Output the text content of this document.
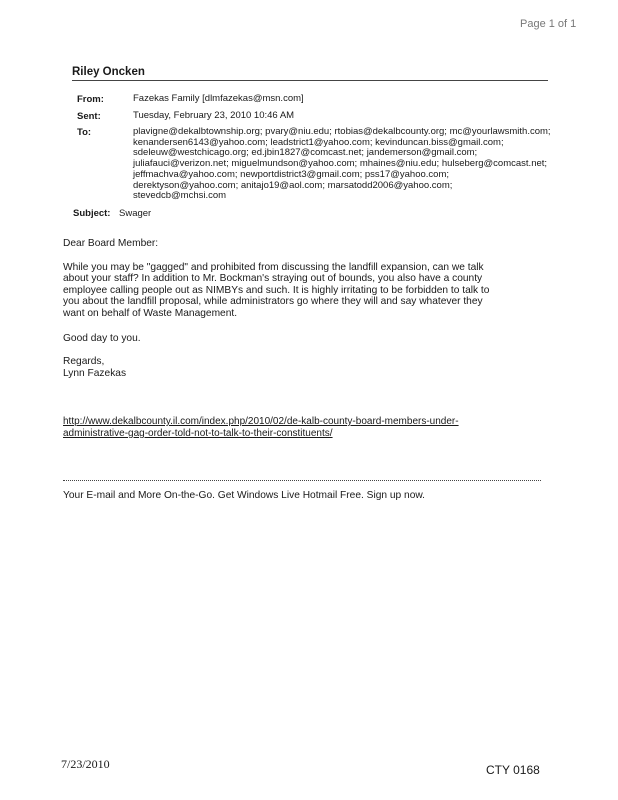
Page 1 of 1
Riley Oncken
From:	Fazekas Family [dlmfazekas@msn.com]
Sent:	Tuesday, February 23, 2010 10:46 AM
To:	plavigne@dekalbtownship.org; pvary@niu.edu; rtobias@dekalbcounty.org; mc@yourlawsmith.com;
kenandersen6143@yahoo.com; leadstrict1@yahoo.com; kevinduncan.biss@gmail.com;
sdeleuw@westchicago.org; ed.jbin1827@comcast.net; jandemerson@gmail.com;
juliafauci@verizon.net; miguelmundson@yahoo.com; mhaines@niu.edu; hulseberg@comcast.net;
jeffmachva@yahoo.com; newportdistrict3@gmail.com; pss17@yahoo.com;
derektyson@yahoo.com; anitajo19@aol.com; marsatodd2006@yahoo.com;
stevedcb@mchsi.com
Subject: Swager
Dear Board Member:
While you may be "gagged" and prohibited from discussing the landfill expansion, can we talk
about your staff? In addition to Mr. Bockman's straying out of bounds, you also have a county
employee calling people out as NIMBYs and such. It is highly irritating to be forbidden to talk to
you about the landfill proposal, while administrators go where they will and say whatever they
want on behalf of Waste Management.
Good day to you.
Regards,
Lynn Fazekas
http://www.dekalbcounty.il.com/index.php/2010/02/de-kalb-county-board-members-under-
administrative-gag-order-told-not-to-talk-to-their-constituents/
Your E-mail and More On-the-Go. Get Windows Live Hotmail Free. Sign up now.
7/23/2010	CTY 0168
